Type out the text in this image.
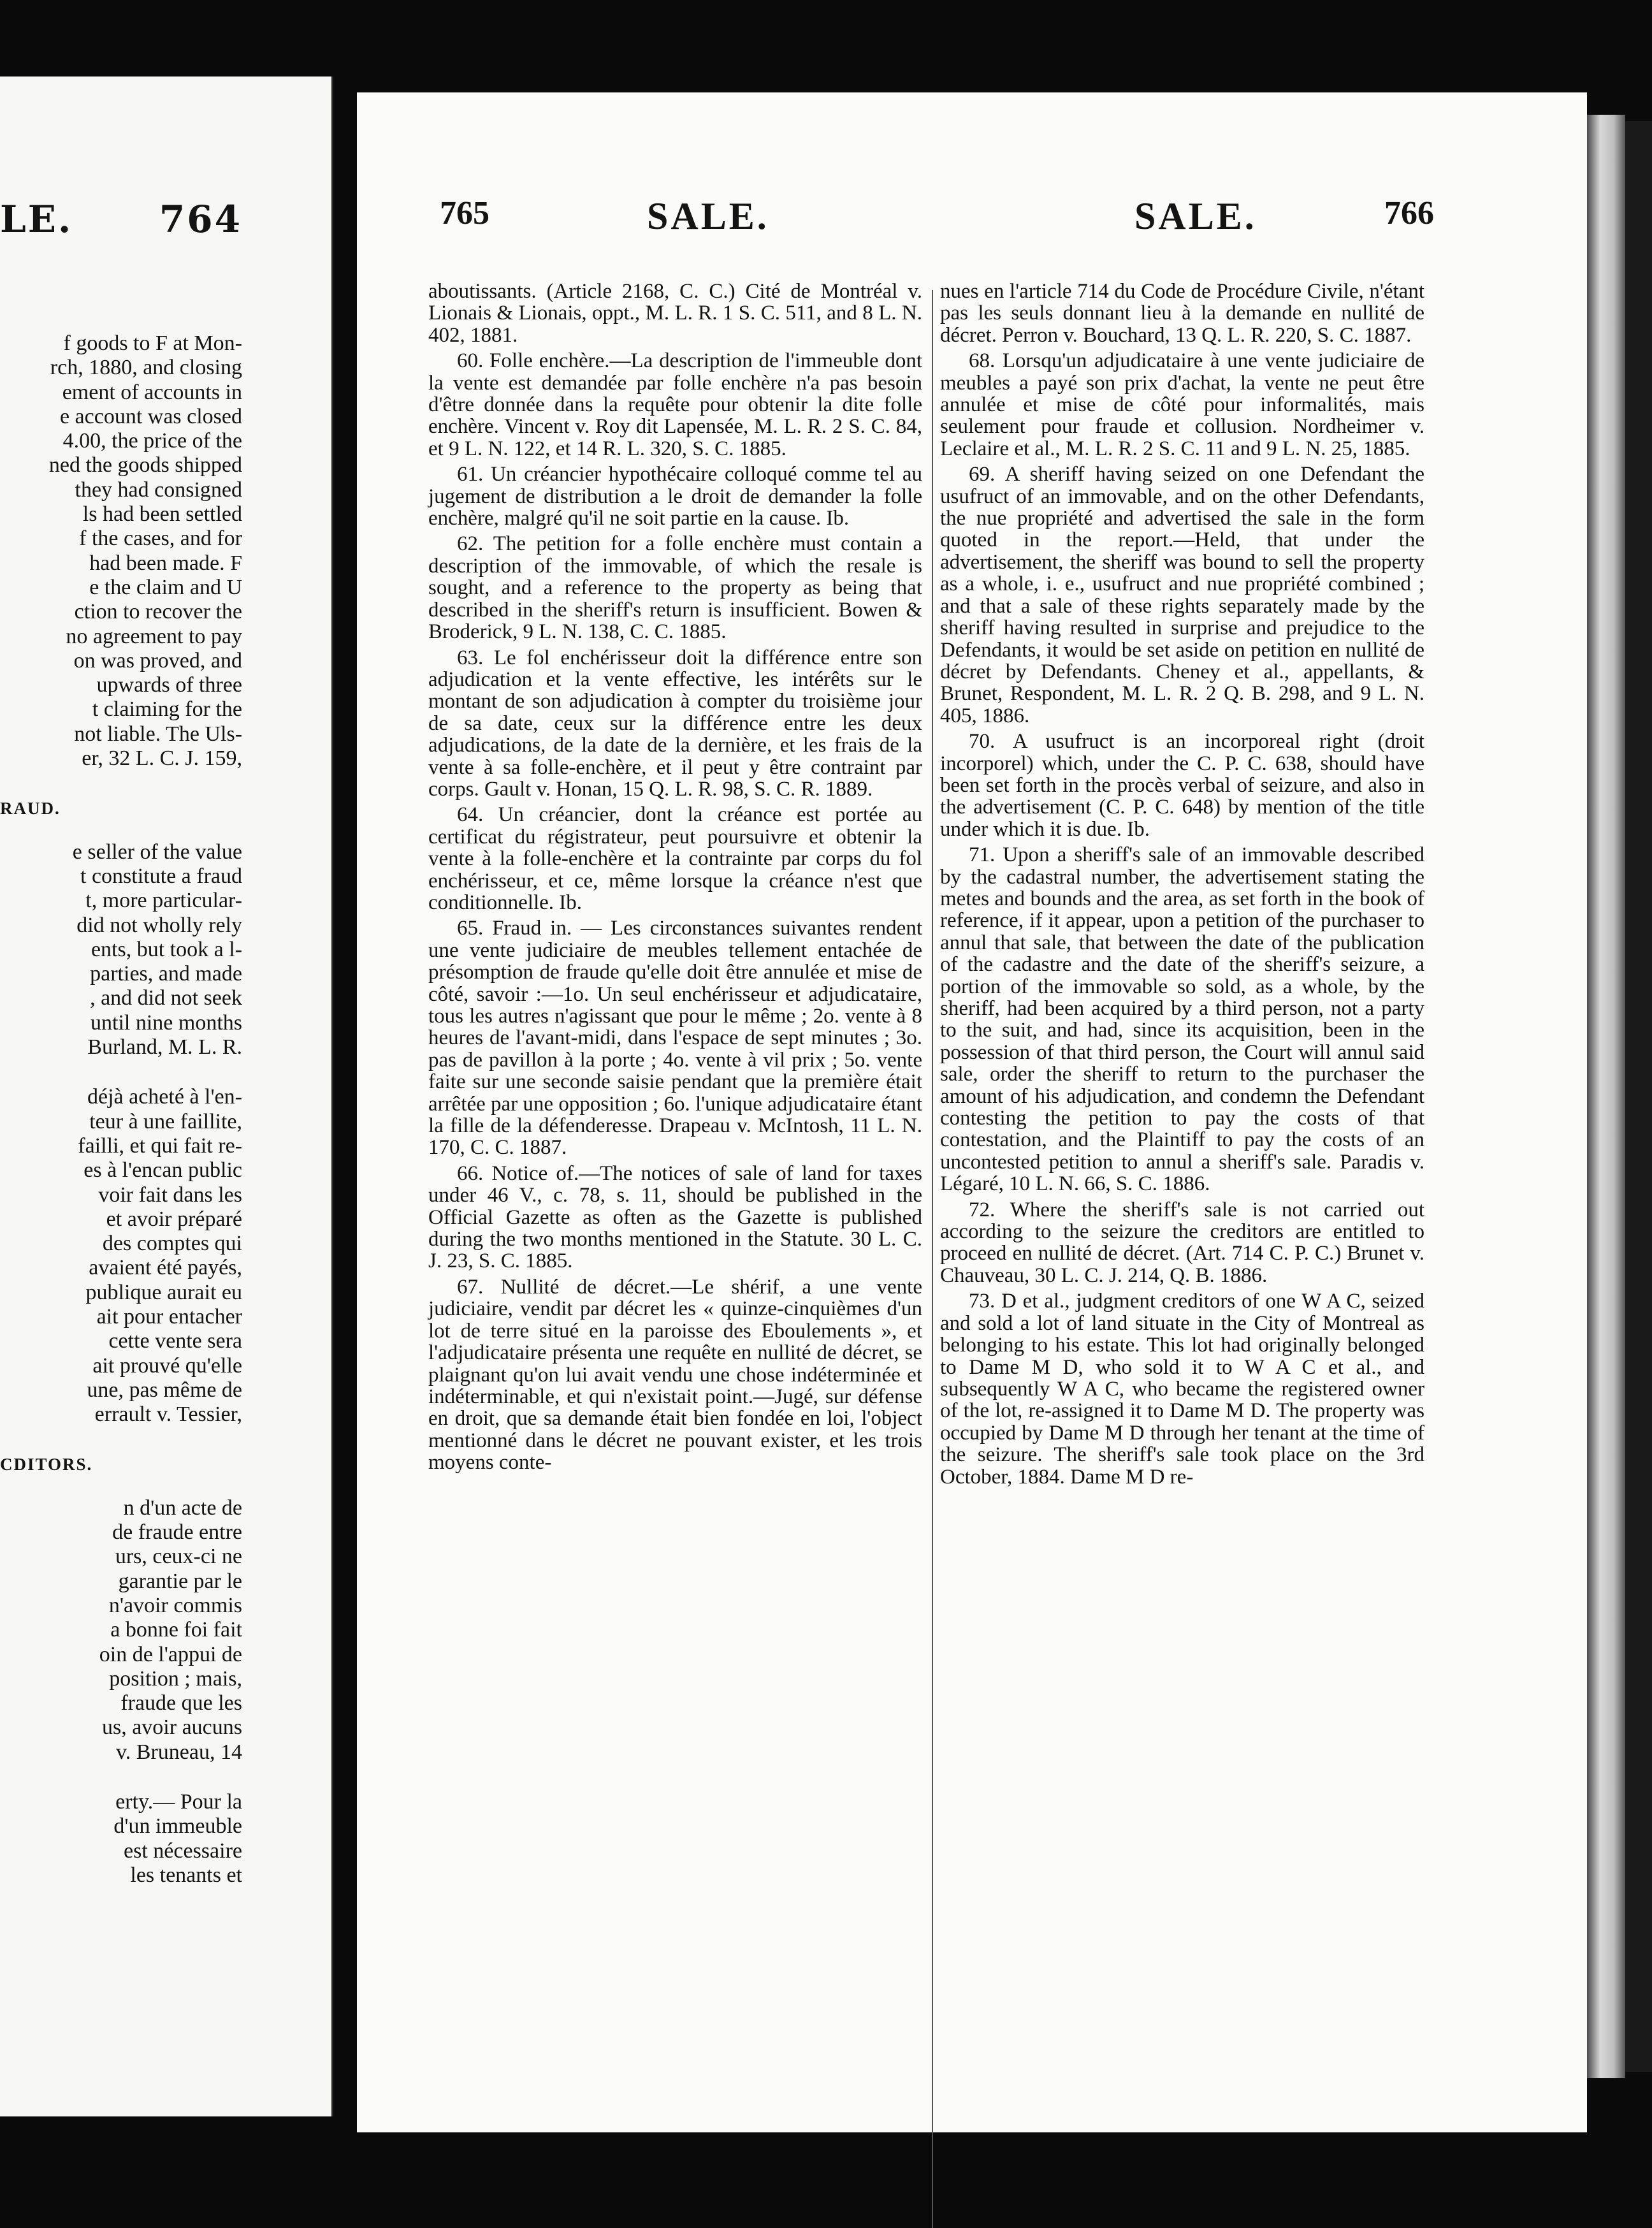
LE. 764
f goods to F at Mon-
rch, 1880, and closing
ement of accounts in
e account was closed
4.00, the price of the
ned the goods shipped
they had consigned
ls had been settled
f the cases, and for
had been made. F
e the claim and U
ction to recover the
no agreement to pay
on was proved, and
upwards of three
t claiming for the
not liable. The Uls-
er, 32 L. C. J. 159,
RAUD.
e seller of the value
t constitute a fraud
t, more particular-
did not wholly rely
ents, but took a l-
parties, and made
, and did not seek
until nine months
Burland, M. L. R.
déjà acheté à l'en-
teur à une faillite,
failli, et qui fait re-
es à l'encan public
voir fait dans les
et avoir préparé
des comptes qui
avaient été payés,
publique aurait eu
ait pour entacher
cette vente sera
ait prouvé qu'elle
une, pas même de
errault v. Tessier,
CDITORS.
n d'un acte de
de fraude entre
urs, ceux-ci ne
garantie par le
n'avoir commis
a bonne foi fait
oin de l'appui de
position ; mais,
fraude que les
us, avoir aucuns
v. Bruneau, 14
erty.— Pour la
d'un immeuble
est nécessaire
les tenants et
765	SALE.	SALE.	766

aboutissants. (Article 2168, C. C.) Cité de Montréal v. Lionais & Lionais, oppt., M. L. R. 1 S. C. 511, and 8 L. N. 402, 1881.

60. Folle enchère.—La description de l'immeuble dont la vente est demandée par folle enchère n'a pas besoin d'être donnée dans la requête pour obtenir la dite folle enchère. Vincent v. Roy dit Lapensée, M. L. R. 2 S. C. 84, et 9 L. N. 122, et 14 R. L. 320, S. C. 1885.

61. Un créancier hypothécaire colloqué comme tel au jugement de distribution a le droit de demander la folle enchère, malgré qu'il ne soit partie en la cause. Ib.

62. The petition for a folle enchère must contain a description of the immovable, of which the resale is sought, and a reference to the property as being that described in the sheriff's return is insufficient. Bowen & Broderick, 9 L. N. 138, C. C. 1885.

63. Le fol enchérisseur doit la différence entre son adjudication et la vente effective, les intérêts sur le montant de son adjudication à compter du troisième jour de sa date, ceux sur la différence entre les deux adjudications, de la date de la dernière, et les frais de la vente à sa folle-enchère, et il peut y être contraint par corps. Gault v. Honan, 15 Q. L. R. 98, S. C. R. 1889.

64. Un créancier, dont la créance est portée au certificat du régistrateur, peut poursuivre et obtenir la vente à la folle-enchère et la contrainte par corps du fol enchérisseur, et ce, même lorsque la créance n'est que conditionnelle. Ib.

65. Fraud in. — Les circonstances suivantes rendent une vente judiciaire de meubles tellement entachée de présomption de fraude qu'elle doit être annulée et mise de côté, savoir :—1o. Un seul enchérisseur et adjudicataire, tous les autres n'agissant que pour le même ; 2o. vente à 8 heures de l'avant-midi, dans l'espace de sept minutes ; 3o. pas de pavillon à la porte ; 4o. vente à vil prix ; 5o. vente faite sur une seconde saisie pendant que la première était arrêtée par une opposition ; 6o. l'unique adjudicataire étant la fille de la défenderesse. Drapeau v. McIntosh, 11 L. N. 170, C. C. 1887.

66. Notice of.—The notices of sale of land for taxes under 46 V., c. 78, s. 11, should be published in the Official Gazette as often as the Gazette is published during the two months mentioned in the Statute. 30 L. C. J. 23, S. C. 1885.

67. Nullité de décret.—Le shérif, a une vente judiciaire, vendit par décret les « quinze-cinquièmes d'un lot de terre situé en la paroisse des Eboulements », et l'adjudicataire présenta une requête en nullité de décret, se plaignant qu'on lui avait vendu une chose indéterminée et indéterminable, et qui n'existait point.—Jugé, sur défense en droit, que sa demande était bien fondée en loi, l'object mentionné dans le décret ne pouvant exister, et les trois moyens conte-

nues en l'article 714 du Code de Procédure Civile, n'étant pas les seuls donnant lieu à la demande en nullité de décret. Perron v. Bouchard, 13 Q. L. R. 220, S. C. 1887.

68. Lorsqu'un adjudicataire à une vente judiciaire de meubles a payé son prix d'achat, la vente ne peut être annulée et mise de côté pour informalités, mais seulement pour fraude et collusion. Nordheimer v. Leclaire et al., M. L. R. 2 S. C. 11 and 9 L. N. 25, 1885.

69. A sheriff having seized on one Defendant the usufruct of an immovable, and on the other Defendants, the nue propriété and advertised the sale in the form quoted in the report.—Held, that under the advertisement, the sheriff was bound to sell the property as a whole, i. e., usufruct and nue propriété combined ; and that a sale of these rights separately made by the sheriff having resulted in surprise and prejudice to the Defendants, it would be set aside on petition en nullité de décret by Defendants. Cheney et al., appellants, & Brunet, Respondent, M. L. R. 2 Q. B. 298, and 9 L. N. 405, 1886.

70. A usufruct is an incorporeal right (droit incorporel) which, under the C. P. C. 638, should have been set forth in the procès verbal of seizure, and also in the advertisement (C. P. C. 648) by mention of the title under which it is due. Ib.

71. Upon a sheriff's sale of an immovable described by the cadastral number, the advertisement stating the metes and bounds and the area, as set forth in the book of reference, if it appear, upon a petition of the purchaser to annul that sale, that between the date of the publication of the cadastre and the date of the sheriff's seizure, a portion of the immovable so sold, as a whole, by the sheriff, had been acquired by a third person, not a party to the suit, and had, since its acquisition, been in the possession of that third person, the Court will annul said sale, order the sheriff to return to the purchaser the amount of his adjudication, and condemn the Defendant contesting the petition to pay the costs of that contestation, and the Plaintiff to pay the costs of an uncontested petition to annul a sheriff's sale. Paradis v. Légaré, 10 L. N. 66, S. C. 1886.

72. Where the sheriff's sale is not carried out according to the seizure the creditors are entitled to proceed en nullité de décret. (Art. 714 C. P. C.) Brunet v. Chauveau, 30 L. C. J. 214, Q. B. 1886.

73. D et al., judgment creditors of one W A C, seized and sold a lot of land situate in the City of Montreal as belonging to his estate. This lot had originally belonged to Dame M D, who sold it to W A C et al., and subsequently W A C, who became the registered owner of the lot, re-assigned it to Dame M D. The property was occupied by Dame M D through her tenant at the time of the seizure. The sheriff's sale took place on the 3rd October, 1884. Dame M D re-
